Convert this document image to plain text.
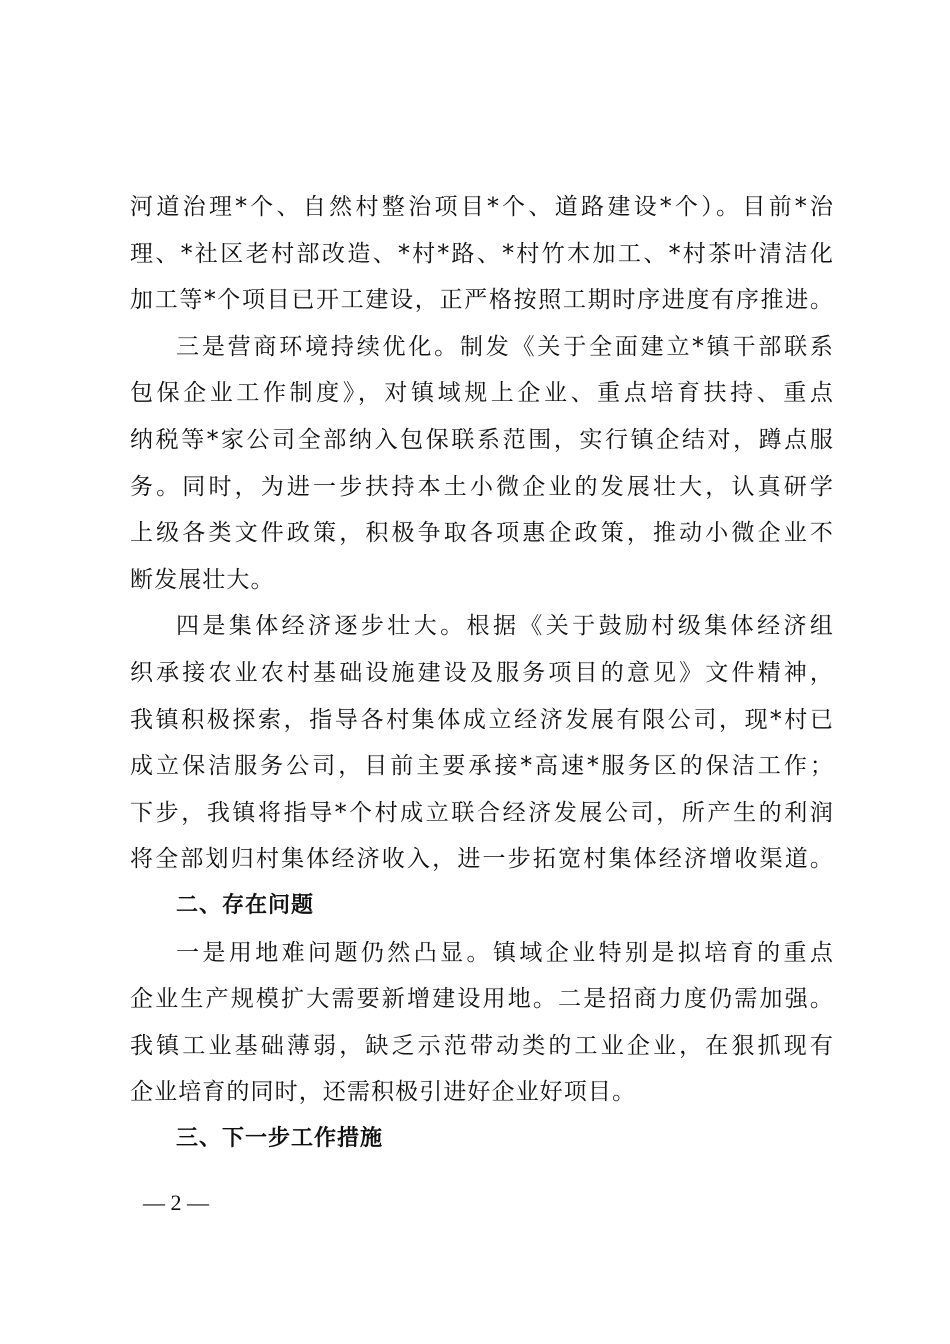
河道治理*个、自然村整治项目*个、道路建设*个）。目前*治
理、*社区老村部改造、*村*路、*村竹木加工、*村茶叶清洁化
加工等*个项目已开工建设，正严格按照工期时序进度有序推进。
三是营商环境持续优化。制发《关于全面建立*镇干部联系
包保企业工作制度》，对镇域规上企业、重点培育扶持、重点
纳税等*家公司全部纳入包保联系范围，实行镇企结对，蹲点服
务。同时，为进一步扶持本土小微企业的发展壮大，认真研学
上级各类文件政策，积极争取各项惠企政策，推动小微企业不
断发展壮大。
四是集体经济逐步壮大。根据《关于鼓励村级集体经济组
织承接农业农村基础设施建设及服务项目的意见》文件精神，
我镇积极探索，指导各村集体成立经济发展有限公司，现*村已
成立保洁服务公司，目前主要承接*高速*服务区的保洁工作；
下步，我镇将指导*个村成立联合经济发展公司，所产生的利润
将全部划归村集体经济收入，进一步拓宽村集体经济增收渠道。
二、存在问题
一是用地难问题仍然凸显。镇域企业特别是拟培育的重点
企业生产规模扩大需要新增建设用地。二是招商力度仍需加强。
我镇工业基础薄弱，缺乏示范带动类的工业企业，在狠抓现有
企业培育的同时，还需积极引进好企业好项目。
三、下一步工作措施
— 2 —
